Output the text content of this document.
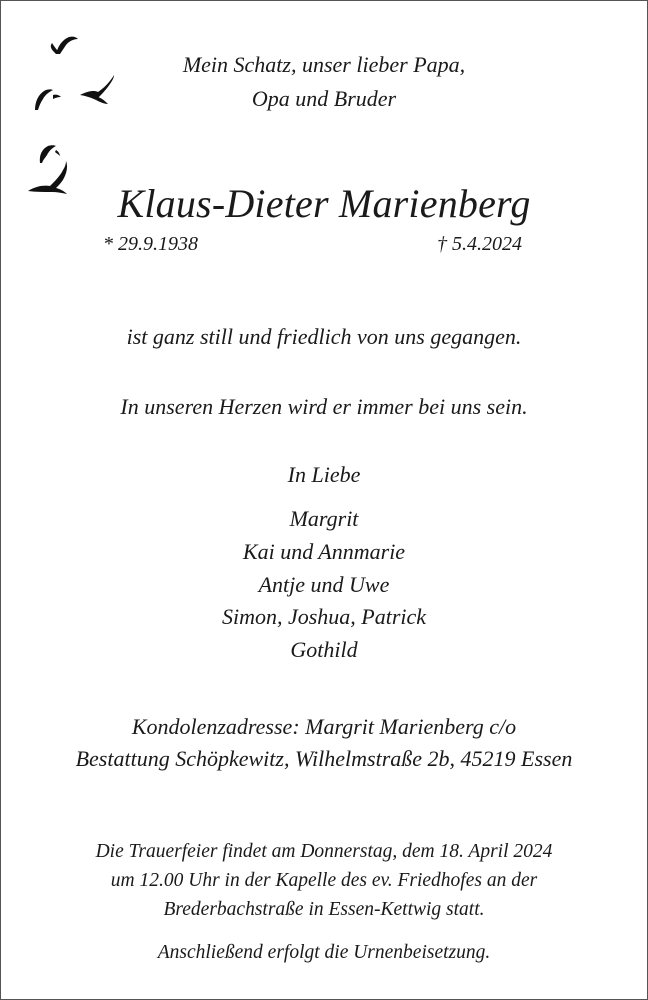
Mein Schatz, unser lieber Papa,
Opa und Bruder
Klaus-Dieter Marienberg
* 29.9.1938	† 5.4.2024
ist ganz still und friedlich von uns gegangen.
In unseren Herzen wird er immer bei uns sein.
In Liebe
Margrit
Kai und Annmarie
Antje und Uwe
Simon, Joshua, Patrick
Gothild
Kondolenzadresse: Margrit Marienberg c/o
Bestattung Schöpkewitz, Wilhelmstraße 2b, 45219 Essen
Die Trauerfeier findet am Donnerstag, dem 18. April 2024
um 12.00 Uhr in der Kapelle des ev. Friedhofes an der
Brederbachstraße in Essen-Kettwig statt.
Anschließend erfolgt die Urnenbeisetzung.
